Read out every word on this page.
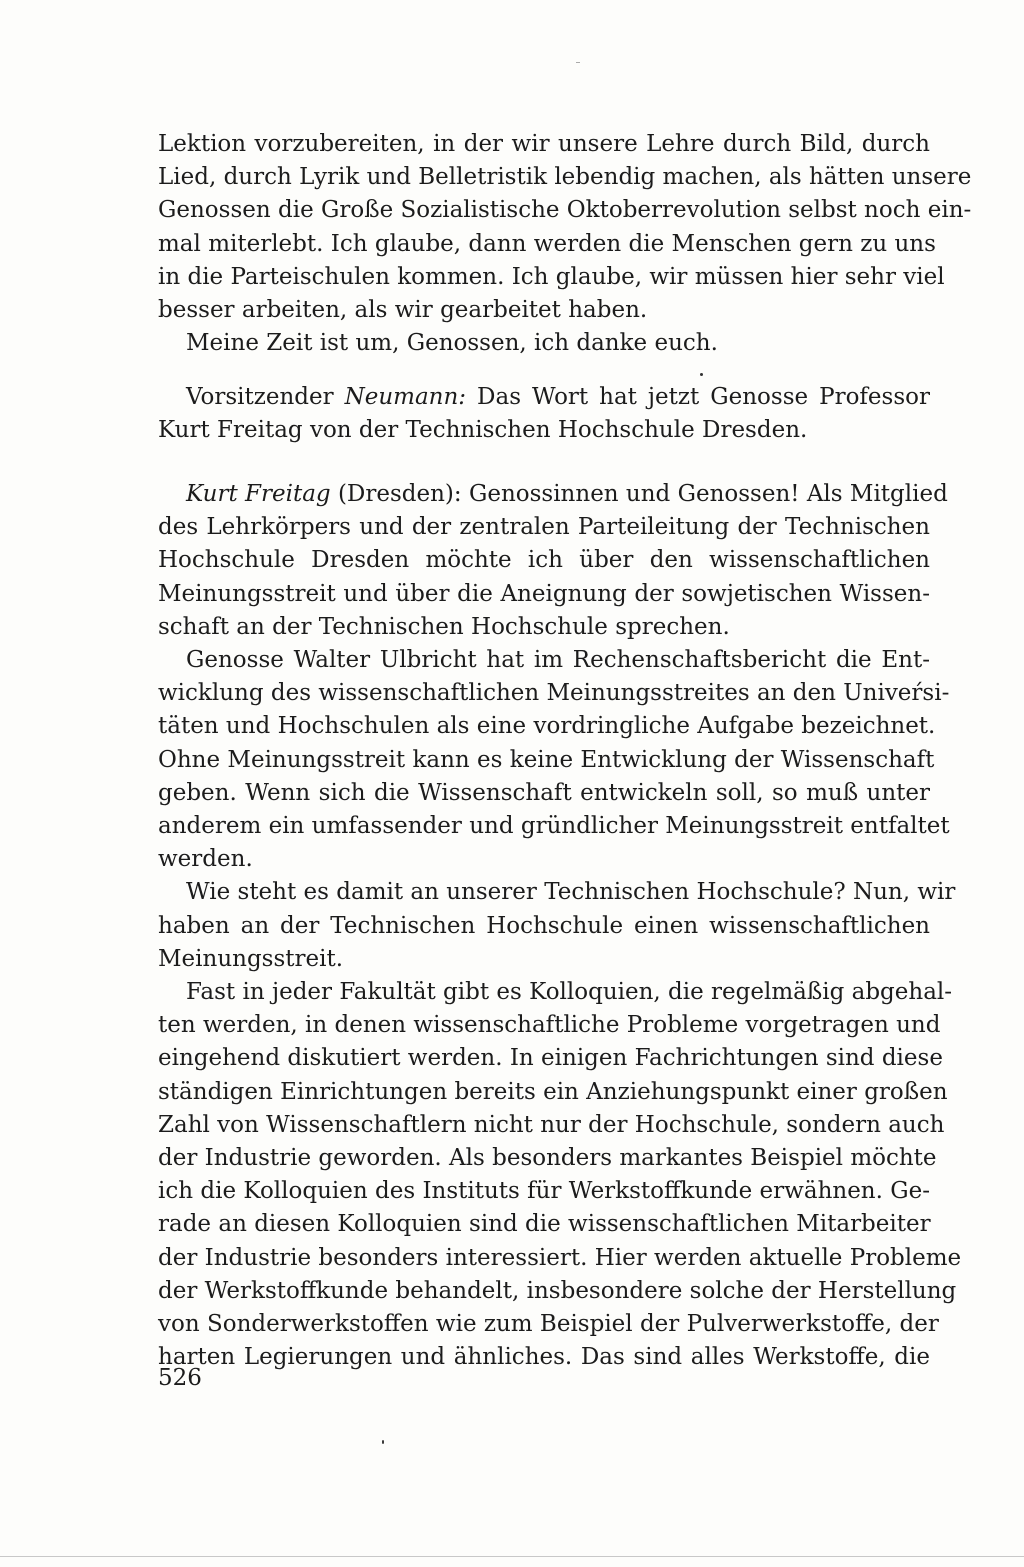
Lektion vorzubereiten, in der wir unsere Lehre durch Bild, durch
Lied, durch Lyrik und Belletristik lebendig machen, als hätten unsere
Genossen die Große Sozialistische Oktoberrevolution selbst noch ein-
mal miterlebt. Ich glaube, dann werden die Menschen gern zu uns
in die Parteischulen kommen. Ich glaube, wir müssen hier sehr viel
besser arbeiten, als wir gearbeitet haben.
Meine Zeit ist um, Genossen, ich danke euch.
Vorsitzender Neumann: Das Wort hat jetzt Genosse Professor
Kurt Freitag von der Technischen Hochschule Dresden.
Kurt Freitag (Dresden): Genossinnen und Genossen! Als Mitglied
des Lehrkörpers und der zentralen Parteileitung der Technischen
Hochschule Dresden möchte ich über den wissenschaftlichen
Meinungsstreit und über die Aneignung der sowjetischen Wissen-
schaft an der Technischen Hochschule sprechen.
Genosse Walter Ulbricht hat im Rechenschaftsbericht die Ent-
wicklung des wissenschaftlichen Meinungsstreites an den Univeŕsi-
täten und Hochschulen als eine vordringliche Aufgabe bezeichnet.
Ohne Meinungsstreit kann es keine Entwicklung der Wissenschaft
geben. Wenn sich die Wissenschaft entwickeln soll, so muß unter
anderem ein umfassender und gründlicher Meinungsstreit entfaltet
werden.
Wie steht es damit an unserer Technischen Hochschule? Nun, wir
haben an der Technischen Hochschule einen wissenschaftlichen
Meinungsstreit.
Fast in jeder Fakultät gibt es Kolloquien, die regelmäßig abgehal-
ten werden, in denen wissenschaftliche Probleme vorgetragen und
eingehend diskutiert werden. In einigen Fachrichtungen sind diese
ständigen Einrichtungen bereits ein Anziehungspunkt einer großen
Zahl von Wissenschaftlern nicht nur der Hochschule, sondern auch
der Industrie geworden. Als besonders markantes Beispiel möchte
ich die Kolloquien des Instituts für Werkstoffkunde erwähnen. Ge-
rade an diesen Kolloquien sind die wissenschaftlichen Mitarbeiter
der Industrie besonders interessiert. Hier werden aktuelle Probleme
der Werkstoffkunde behandelt, insbesondere solche der Herstellung
von Sonderwerkstoffen wie zum Beispiel der Pulverwerkstoffe, der
harten Legierungen und ähnliches. Das sind alles Werkstoffe, die
526
